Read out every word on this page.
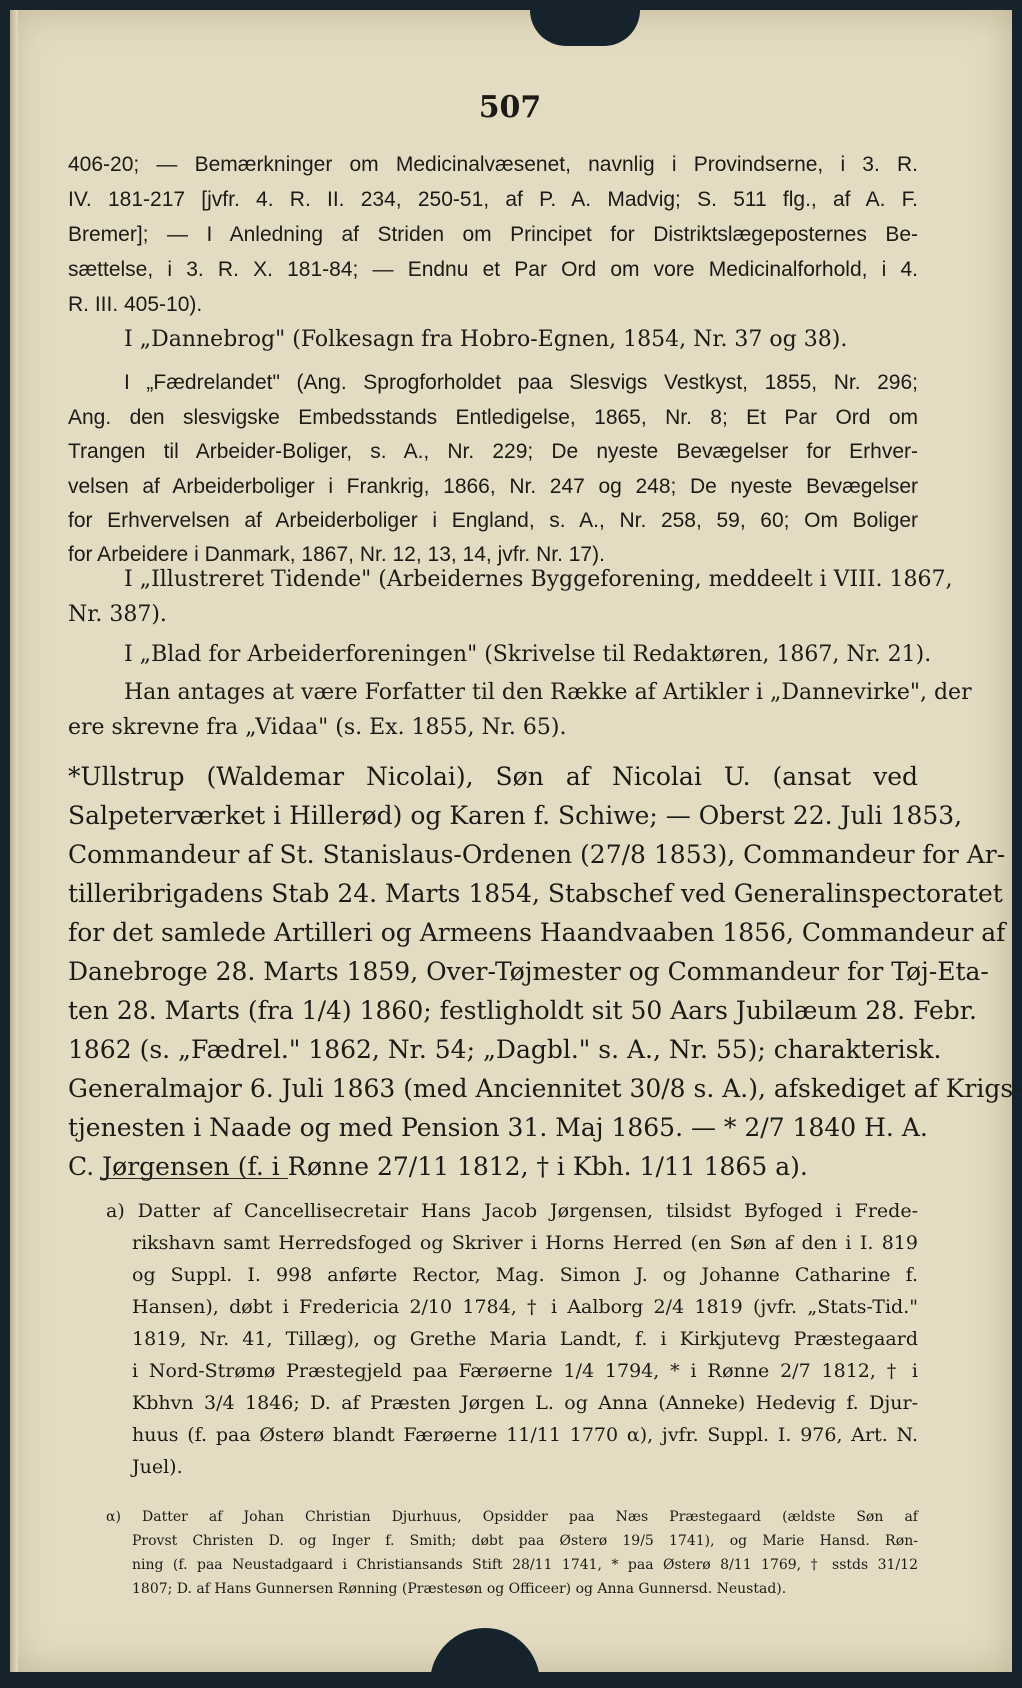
507
406-20; — Bemærkninger om Medicinalvæsenet, navnlig i Provindserne, i 3. R.
IV. 181-217 [jvfr. 4. R. II. 234, 250-51, af P. A. Madvig; S. 511 flg., af A. F.
Bremer]; — I Anledning af Striden om Principet for Distriktslægeposternes Be-
sættelse, i 3. R. X. 181-84; — Endnu et Par Ord om vore Medicinalforhold, i 4.
R. III. 405-10).
I „Dannebrog" (Folkesagn fra Hobro-Egnen, 1854, Nr. 37 og 38).
I „Fædrelandet" (Ang. Sprogforholdet paa Slesvigs Vestkyst, 1855, Nr. 296;
Ang. den slesvigske Embedsstands Entledigelse, 1865, Nr. 8; Et Par Ord om
Trangen til Arbeider-Boliger, s. A., Nr. 229; De nyeste Bevægelser for Erhver-
velsen af Arbeiderboliger i Frankrig, 1866, Nr. 247 og 248; De nyeste Bevægelser
for Erhvervelsen af Arbeiderboliger i England, s. A., Nr. 258, 59, 60; Om Boliger
for Arbeidere i Danmark, 1867, Nr. 12, 13, 14, jvfr. Nr. 17).
I „Illustreret Tidende" (Arbeidernes Byggeforening, meddeelt i VIII. 1867,
Nr. 387).
I „Blad for Arbeiderforeningen" (Skrivelse til Redaktøren, 1867, Nr. 21).
Han antages at være Forfatter til den Række af Artikler i „Dannevirke", der
ere skrevne fra „Vidaa" (s. Ex. 1855, Nr. 65).
*Ullstrup (Waldemar Nicolai), Søn af Nicolai U. (ansat ved
Salpeterværket i Hillerød) og Karen f. Schiwe; — Oberst 22. Juli 1853,
Commandeur af St. Stanislaus-Ordenen (27/8 1853), Commandeur for Ar-
tilleribrigadens Stab 24. Marts 1854, Stabschef ved Generalinspectoratet
for det samlede Artilleri og Armeens Haandvaaben 1856, Commandeur af
Danebroge 28. Marts 1859, Over-Tøjmester og Commandeur for Tøj-Eta-
ten 28. Marts (fra 1/4) 1860; festligholdt sit 50 Aars Jubilæum 28. Febr.
1862 (s. „Fædrel." 1862, Nr. 54; „Dagbl." s. A., Nr. 55); charakterisk.
Generalmajor 6. Juli 1863 (med Anciennitet 30/8 s. A.), afskediget af Krigs-
tjenesten i Naade og med Pension 31. Maj 1865. — * 2/7 1840 H. A.
C. Jørgensen (f. i Rønne 27/11 1812, † i Kbh. 1/11 1865 a).
a) Datter af Cancellisecretair Hans Jacob Jørgensen, tilsidst Byfoged i Frede-
rikshavn samt Herredsfoged og Skriver i Horns Herred (en Søn af den i I. 819
og Suppl. I. 998 anførte Rector, Mag. Simon J. og Johanne Catharine f.
Hansen), døbt i Fredericia 2/10 1784, † i Aalborg 2/4 1819 (jvfr. „Stats-Tid."
1819, Nr. 41, Tillæg), og Grethe Maria Landt, f. i Kirkjutevg Præstegaard
i Nord-Strømø Præstegjeld paa Færøerne 1/4 1794, * i Rønne 2/7 1812, † i
Kbhvn 3/4 1846; D. af Præsten Jørgen L. og Anna (Anneke) Hedevig f. Djur-
huus (f. paa Østerø blandt Færøerne 11/11 1770 α), jvfr. Suppl. I. 976, Art. N.
Juel).
α) Datter af Johan Christian Djurhuus, Opsidder paa Næs Præstegaard (ældste Søn af
Provst Christen D. og Inger f. Smith; døbt paa Østerø 19/5 1741), og Marie Hansd. Røn-
ning (f. paa Neustadgaard i Christiansands Stift 28/11 1741, * paa Østerø 8/11 1769, † sstds 31/12
1807; D. af Hans Gunnersen Rønning (Præstesøn og Officeer) og Anna Gunnersd. Neustad).
